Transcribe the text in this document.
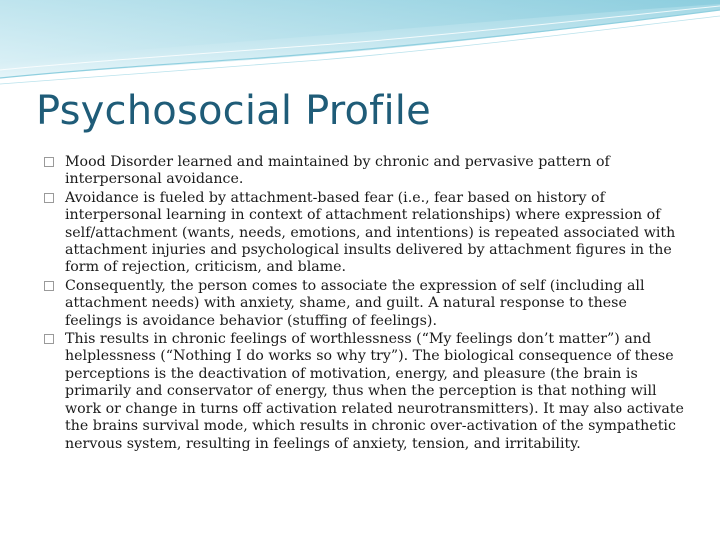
Psychosocial Profile
Mood Disorder learned and maintained by chronic and pervasive pattern of interpersonal avoidance.
Avoidance is fueled by attachment-based fear (i.e., fear based on history of interpersonal learning in context of attachment relationships) where expression of self/attachment (wants, needs, emotions, and intentions) is repeated associated with attachment injuries and psychological insults delivered by attachment figures in the form of rejection, criticism, and blame.
Consequently, the person comes to associate the expression of self (including all attachment needs) with anxiety, shame, and guilt. A natural response to these feelings is avoidance behavior (stuffing of feelings).
This results in chronic feelings of worthlessness (“My feelings don’t matter”) and helplessness (“Nothing I do works so why try”). The biological consequence of these perceptions is the deactivation of motivation, energy, and pleasure (the brain is primarily and conservator of energy, thus when the perception is that nothing will work or change in turns off activation related neurotransmitters). It may also activate the brains survival mode, which results in chronic over-activation of the sympathetic nervous system, resulting in feelings of anxiety, tension, and irritability.
